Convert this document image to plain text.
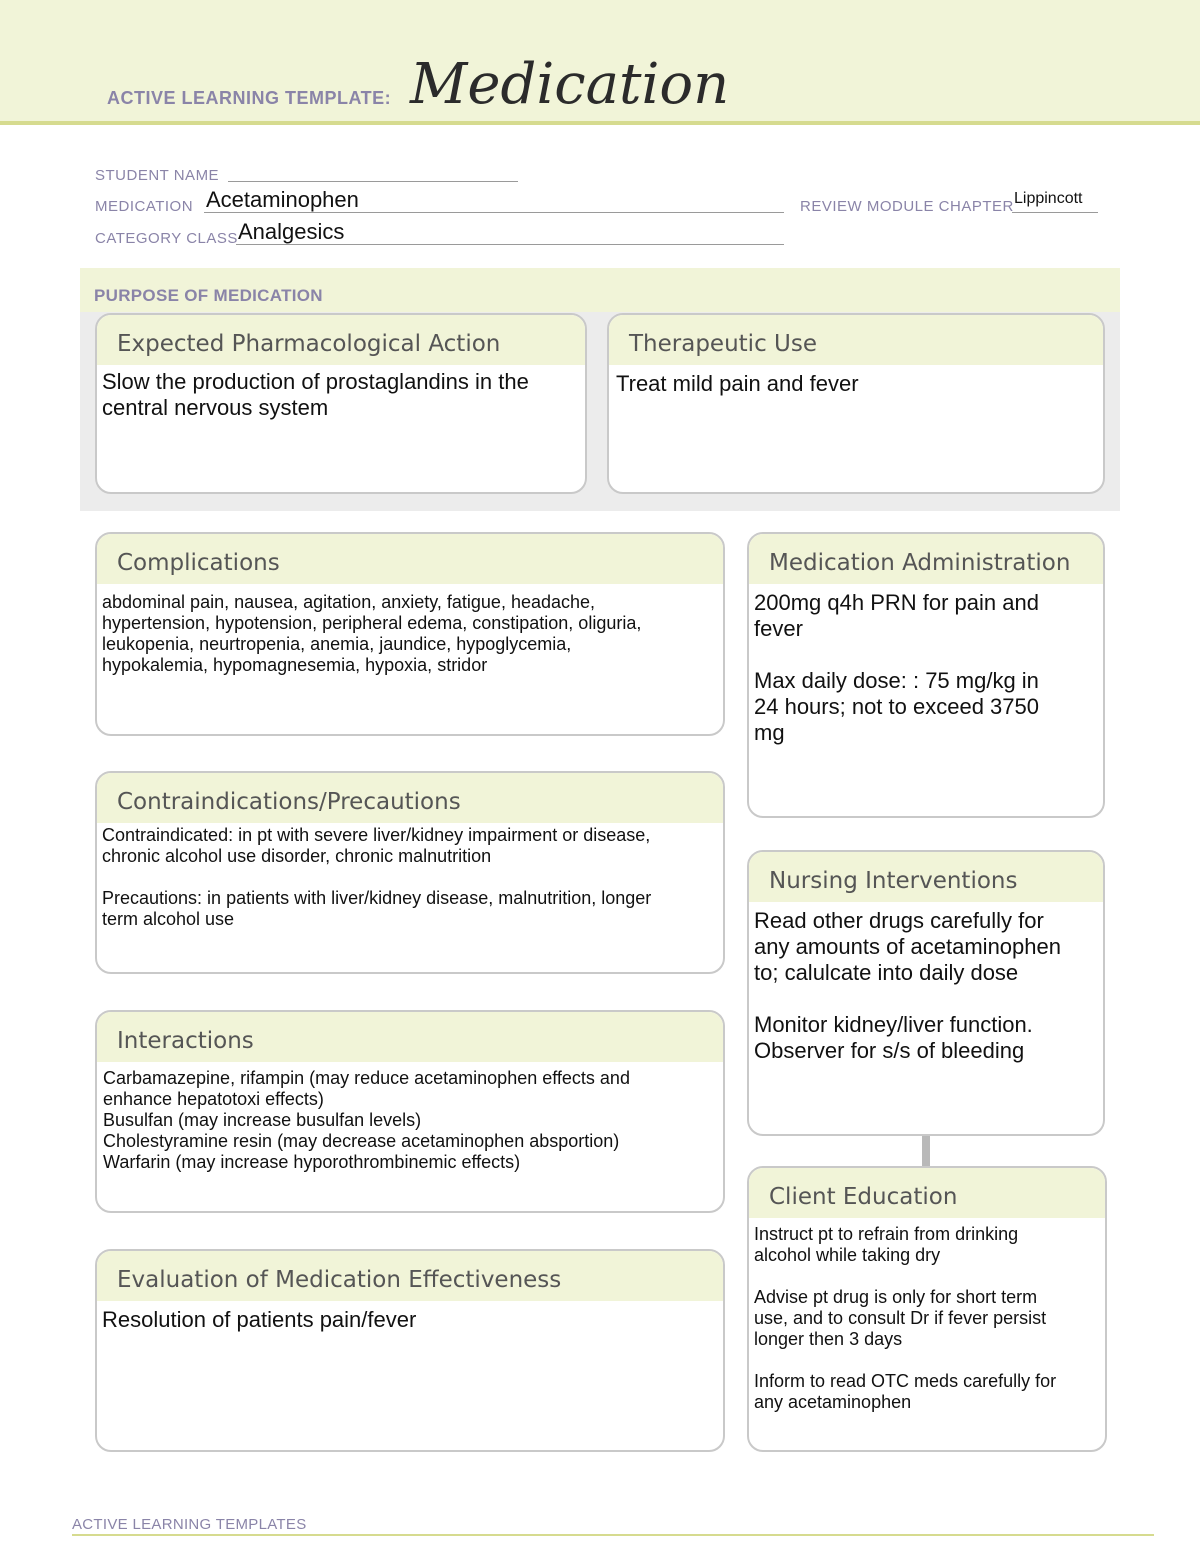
ACTIVE LEARNING TEMPLATE: Medication
STUDENT NAME
MEDICATION Acetaminophen	REVIEW MODULE CHAPTER Lippincott
CATEGORY CLASS Analgesics
PURPOSE OF MEDICATION
Expected Pharmacological Action
Slow the production of prostaglandins in the
central nervous system
Therapeutic Use
Treat mild pain and fever
Complications
abdominal pain, nausea, agitation, anxiety, fatigue, headache,
hypertension, hypotension, peripheral edema, constipation, oliguria,
leukopenia, neurtropenia, anemia, jaundice, hypoglycemia,
hypokalemia, hypomagnesemia, hypoxia, stridor
Contraindications/Precautions
Contraindicated: in pt with severe liver/kidney impairment or disease,
chronic alcohol use disorder, chronic malnutrition

Precautions: in patients with liver/kidney disease, malnutrition, longer
term alcohol use
Interactions
Carbamazepine, rifampin (may reduce acetaminophen effects and
enhance hepatotoxi effects)
Busulfan (may increase busulfan levels)
Cholestyramine resin (may decrease acetaminophen absportion)
Warfarin (may increase hyporothrombinemic effects)
Evaluation of Medication Effectiveness
Resolution of patients pain/fever
Medication Administration
200mg q4h PRN for pain and
fever

Max daily dose: : 75 mg/kg in
24 hours; not to exceed 3750
mg
Nursing Interventions
Read other drugs carefully for
any amounts of acetaminophen
to; calulcate into daily dose

Monitor kidney/liver function.
Observer for s/s of bleeding
Client Education
Instruct pt to refrain from drinking
alcohol while taking dry

Advise pt drug is only for short term
use, and to consult Dr if fever persist
longer then 3 days

Inform to read OTC meds carefully for
any acetaminophen
ACTIVE LEARNING TEMPLATES
